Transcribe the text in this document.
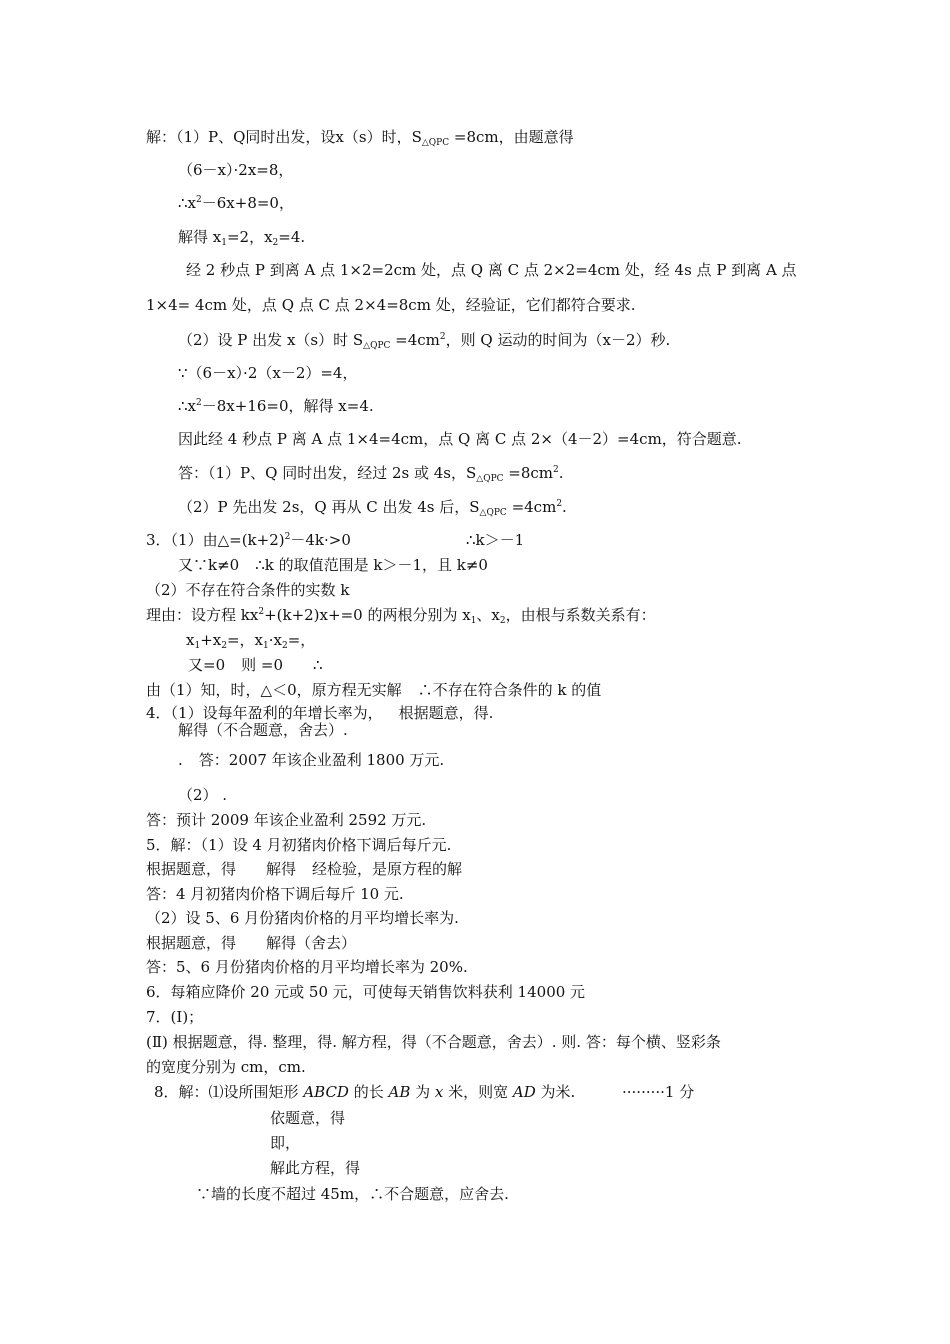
解：（1）P、Q同时出发，设x（s）时，$S_{\triangle QPC} =8cm$，由题意得
（6－x）·2x=8，
$\therefore x^2-6x+8=0$，
解得 $x_1=2$，$x_2=4$.
经 2 秒点 P 到离 A 点 1×2=2cm 处，点 Q 离 C 点 2×2=4cm 处，经 4s 点 P 到离 A 点
1×4= 4cm 处，点 Q 点 C 点 2×4=8cm 处，经验证，它们都符合要求.
（2）设 P 出发 x（s）时 $S_{\triangle QPC} =4cm^2$，则 Q 运动的时间为（x－2）秒.
∵（6－x）·2（x－2）=4，
$\therefore x^2-8x+16=0$，解得 x=4.
因此经 4 秒点 P 离 A 点 1×4=4cm，点 Q 离 C 点 2×（4－2）=4cm，符合题意.
答：（1）P、Q 同时出发，经过 2s 或 4s，$S_{\triangle QPC} =8cm^2$.
（2）P 先出发 2s，Q 再从 C 出发 4s 后，$S_{\triangle QPC} =4cm^2$.
3．（1）由$\triangle=(k+2)^2-4k\cdot>0$	∴k＞－1
又∵k≠0 ∴k 的取值范围是 k＞－1，且 k≠0
（2）不存在符合条件的实数 k
理由：设方程 $kx^2+(k+2)x+=0$ 的两根分别为 $x_1$、$x_2$，由根与系数关系有：
$x_1+x_2=$，$x_1\cdot x_2=$，
又=0 则 =0 ∴
由（1）知，时，△＜0，原方程无实解 ∴不存在符合条件的 k 的值
4．（1）设每年盈利的年增长率为， 根据题意，得.
解得（不合题意，舍去）.
. 答：2007 年该企业盈利 1800 万元.
（2） .
答：预计 2009 年该企业盈利 2592 万元.
5．解：（1）设 4 月初猪肉价格下调后每斤元.
根据题意，得 解得 经检验，是原方程的解
答：4 月初猪肉价格下调后每斤 10 元.
（2）设 5、6 月份猪肉价格的月平均增长率为.
根据题意，得 解得（舍去）
答：5、6 月份猪肉价格的月平均增长率为 20%.
6．每箱应降价 20 元或 50 元，可使每天销售饮料获利 14000 元
7．(Ⅰ)；
(Ⅱ) 根据题意，得. 整理，得. 解方程，得（不合题意，舍去）. 则. 答：每个横、竖彩条
的宽度分别为 cm，cm.
8．解：⑴设所围矩形 ABCD 的长 AB 为 x 米，则宽 AD 为米.	·········1 分
依题意，得
即，
解此方程，得
∵墙的长度不超过 45m，∴不合题意，应舍去.
